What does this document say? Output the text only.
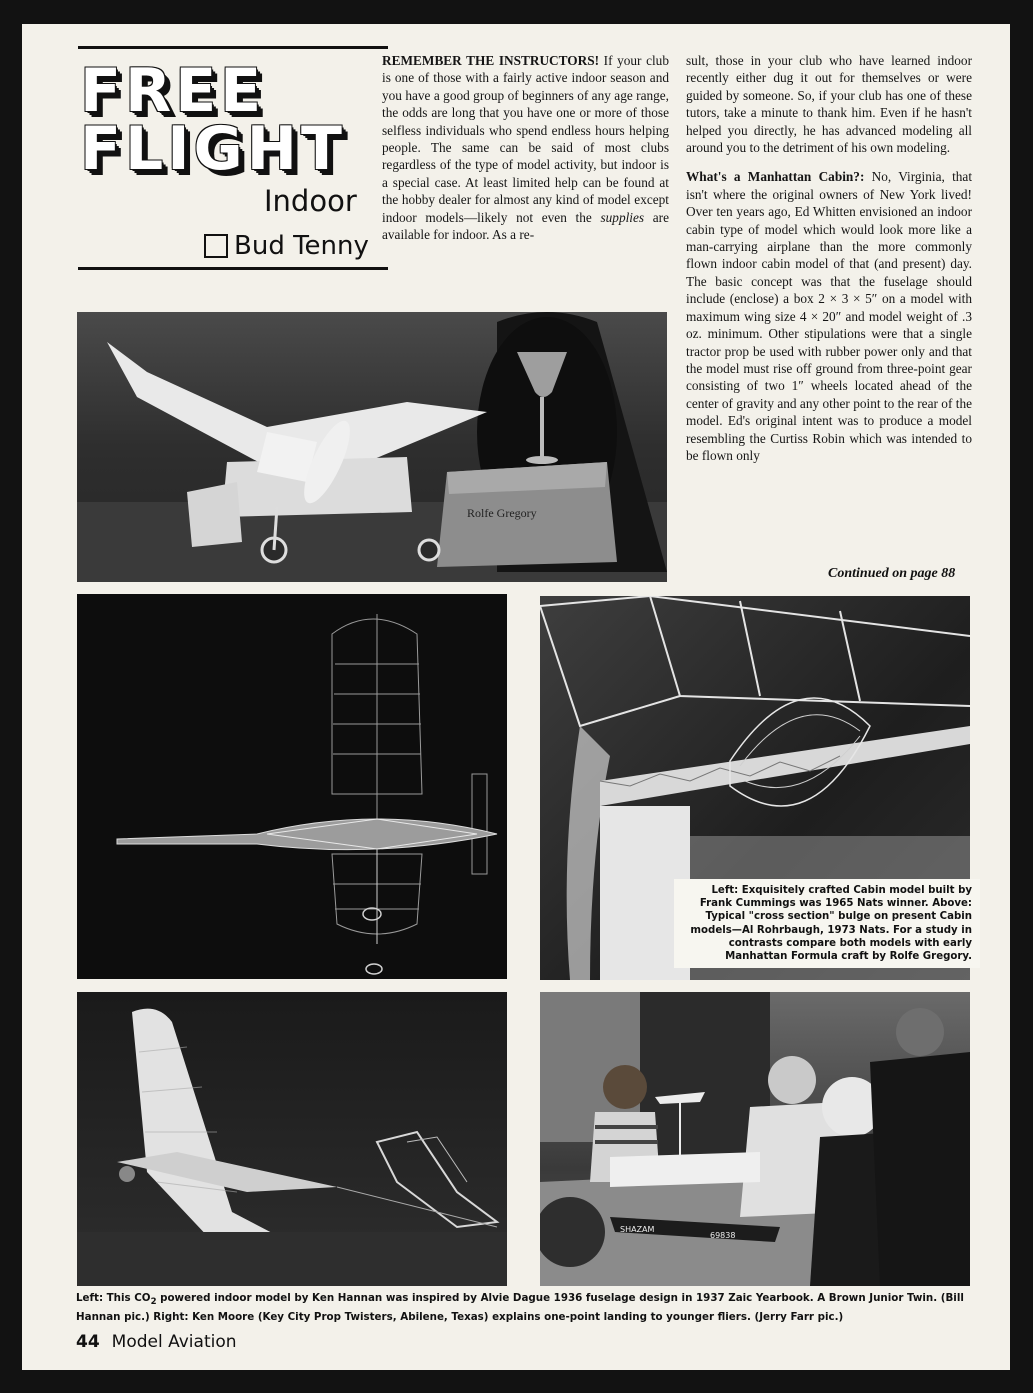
FREE
FLIGHT
Indoor
Bud Tenny

REMEMBER THE INSTRUCTORS! If your club is one of those with a fairly active indoor season and you have a good group of beginners of any age range, the odds are long that you have one or more of those selfless individuals who spend endless hours helping people. The same can be said of most clubs regardless of the type of model activity, but indoor is a special case. At least limited help can be found at the hobby dealer for almost any kind of model except indoor models—likely not even the supplies are available for indoor. As a re-

sult, those in your club who have learned indoor recently either dug it out for themselves or were guided by someone. So, if your club has one of these tutors, take a minute to thank him. Even if he hasn't helped you directly, he has advanced modeling all around you to the detriment of his own modeling.

What's a Manhattan Cabin?: No, Virginia, that isn't where the original owners of New York lived! Over ten years ago, Ed Whitten envisioned an indoor cabin type of model which would look more like a man-carrying airplane than the more commonly flown indoor cabin model of that (and present) day. The basic concept was that the fuselage should include (enclose) a box 2 × 3 × 5″ on a model with maximum wing size 4 × 20″ and model weight of .3 oz. minimum. Other stipulations were that a single tractor prop be used with rubber power only and that the model must rise off ground from three-point gear consisting of two 1″ wheels located ahead of the center of gravity and any other point to the rear of the model. Ed's original intent was to produce a model resembling the Curtiss Robin which was intended to be flown only

Continued on page 88
Rolfe Gregory
Left: Exquisitely crafted Cabin model built by Frank Cummings was 1965 Nats winner. Above: Typical "cross section" bulge on present Cabin models—Al Rohrbaugh, 1973 Nats. For a study in contrasts compare both models with early Manhattan Formula craft by Rolfe Gregory.
SHAZAM
69838
Left: This $CO_2$ powered indoor model by Ken Hannan was inspired by Alvie Dague 1936 fuselage design in 1937 Zaic Yearbook. A Brown Junior Twin. (Bill Hannan pic.) Right: Ken Moore (Key City Prop Twisters, Abilene, Texas) explains one-point landing to younger fliers. (Jerry Farr pic.)
44 Model Aviation
